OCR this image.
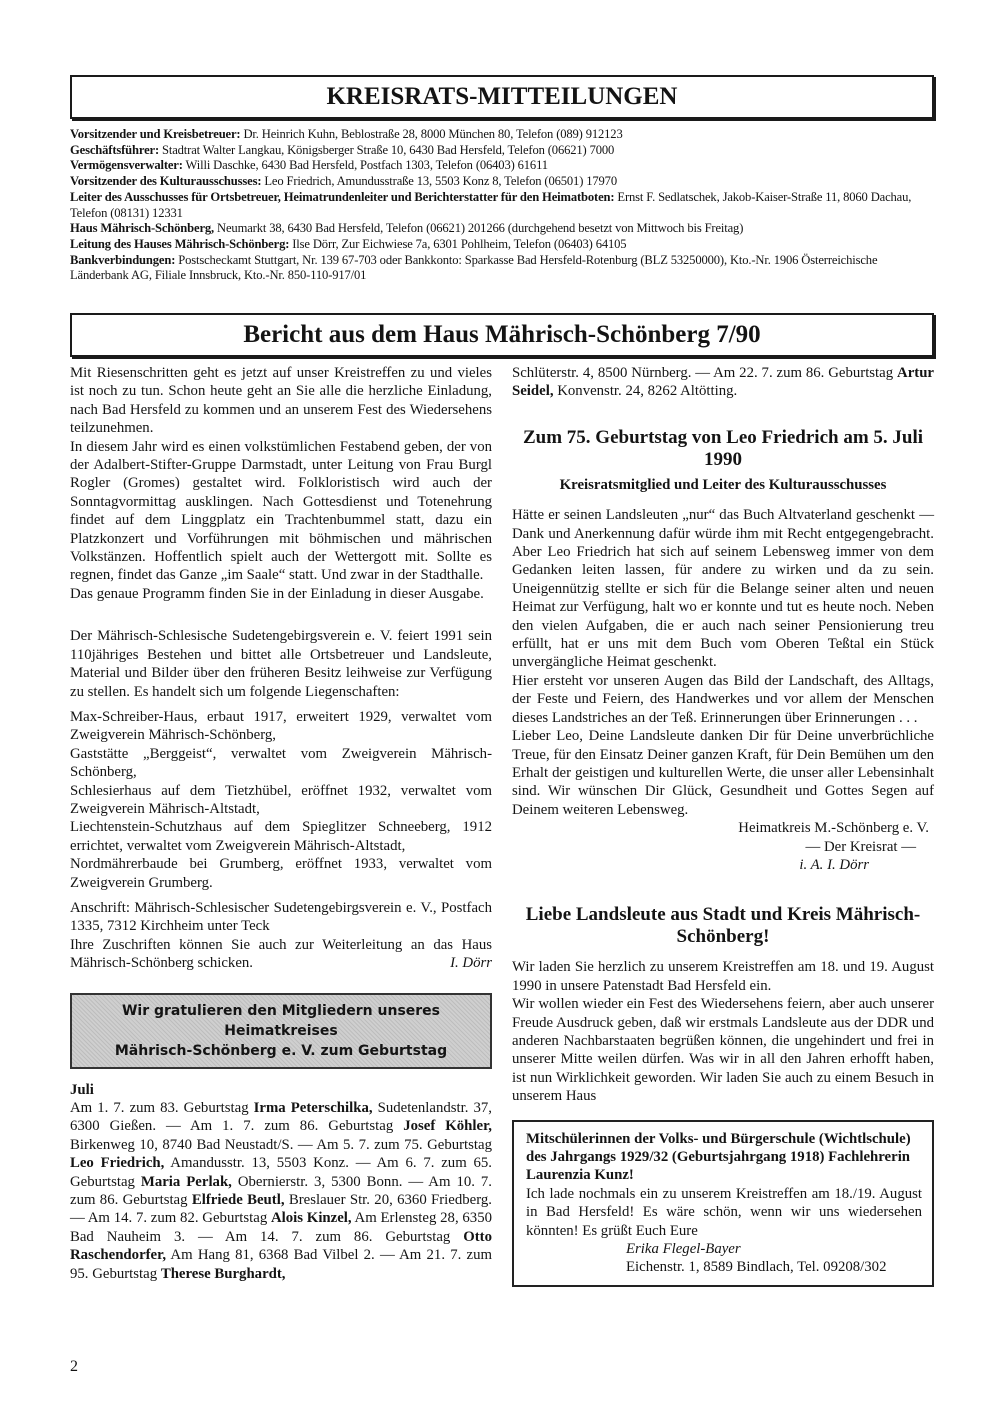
KREISRATS-MITTEILUNGEN
Vorsitzender und Kreisbetreuer: Dr. Heinrich Kuhn, Beblostraße 28, 8000 München 80, Telefon (089) 912123
Geschäftsführer: Stadtrat Walter Langkau, Königsberger Straße 10, 6430 Bad Hersfeld, Telefon (06621) 7000
Vermögensverwalter: Willi Daschke, 6430 Bad Hersfeld, Postfach 1303, Telefon (06403) 61611
Vorsitzender des Kulturausschusses: Leo Friedrich, Amundusstraße 13, 5503 Konz 8, Telefon (06501) 17970
Leiter des Ausschusses für Ortsbetreuer, Heimatrundenleiter und Berichterstatter für den Heimatboten: Ernst F. Sedlatschek, Jakob-Kaiser-Straße 11, 8060 Dachau, Telefon (08131) 12331
Haus Mährisch-Schönberg, Neumarkt 38, 6430 Bad Hersfeld, Telefon (06621) 201266 (durchgehend besetzt von Mittwoch bis Freitag)
Leitung des Hauses Mährisch-Schönberg: Ilse Dörr, Zur Eichwiese 7a, 6301 Pohlheim, Telefon (06403) 64105
Bankverbindungen: Postscheckamt Stuttgart, Nr. 139 67-703 oder Bankkonto: Sparkasse Bad Hersfeld-Rotenburg (BLZ 53250000), Kto.-Nr. 1906 Österreichische Länderbank AG, Filiale Innsbruck, Kto.-Nr. 850-110-917/01
Bericht aus dem Haus Mährisch-Schönberg 7/90

Mit Riesenschritten geht es jetzt auf unser Kreistreffen zu und vieles ist noch zu tun. Schon heute geht an Sie alle die herzliche Einladung, nach Bad Hersfeld zu kommen und an unserem Fest des Wiedersehens teilzunehmen.

In diesem Jahr wird es einen volkstümlichen Festabend geben, der von der Adalbert-Stifter-Gruppe Darmstadt, unter Leitung von Frau Burgl Rogler (Gromes) gestaltet wird. Folkloristisch wird auch der Sonntagvormittag ausklingen. Nach Gottesdienst und Totenehrung findet auf dem Linggplatz ein Trachtenbummel statt, dazu ein Platzkonzert und Vorführungen mit böhmischen und mährischen Volkstänzen. Hoffentlich spielt auch der Wettergott mit. Sollte es regnen, findet das Ganze „im Saale“ statt. Und zwar in der Stadthalle.

Das genaue Programm finden Sie in der Einladung in dieser Ausgabe.

Der Mährisch-Schlesische Sudetengebirgsverein e. V. feiert 1991 sein 110jähriges Bestehen und bittet alle Ortsbetreuer und Landsleute, Material und Bilder über den früheren Besitz leihweise zur Verfügung zu stellen. Es handelt sich um folgende Liegenschaften:

Max-Schreiber-Haus, erbaut 1917, erweitert 1929, verwaltet vom Zweigverein Mährisch-Schönberg,

Gaststätte „Berggeist“, verwaltet vom Zweigverein Mährisch-Schönberg,

Schlesierhaus auf dem Tietzhübel, eröffnet 1932, verwaltet vom Zweigverein Mährisch-Altstadt,

Liechtenstein-Schutzhaus auf dem Spieglitzer Schneeberg, 1912 errichtet, verwaltet vom Zweigverein Mährisch-Altstadt,

Nordmährerbaude bei Grumberg, eröffnet 1933, verwaltet vom Zweigverein Grumberg.

Anschrift: Mährisch-Schlesischer Sudetengebirgsverein e. V., Postfach 1335, 7312 Kirchheim unter Teck

Ihre Zuschriften können Sie auch zur Weiterleitung an das Haus Mährisch-Schönberg schicken.	I. Dörr

Wir gratulieren den Mitgliedern unseres Heimatkreises
Mährisch-Schönberg e. V. zum Geburtstag

Juli

Am 1. 7. zum 83. Geburtstag Irma Peterschilka, Sudetenlandstr. 37, 6300 Gießen. — Am 1. 7. zum 86. Geburtstag Josef Köhler, Birkenweg 10, 8740 Bad Neustadt/S. — Am 5. 7. zum 75. Geburtstag Leo Friedrich, Amandusstr. 13, 5503 Konz. — Am 6. 7. zum 65. Geburtstag Maria Perlak, Obernierstr. 3, 5300 Bonn. — Am 10. 7. zum 86. Geburtstag Elfriede Beutl, Breslauer Str. 20, 6360 Friedberg. — Am 14. 7. zum 82. Geburtstag Alois Kinzel, Am Erlensteg 28, 6350 Bad Nauheim 3. — Am 14. 7. zum 86. Geburtstag Otto Raschendorfer, Am Hang 81, 6368 Bad Vilbel 2. — Am 21. 7. zum 95. Geburtstag Therese Burghardt,

Schlüterstr. 4, 8500 Nürnberg. — Am 22. 7. zum 86. Geburtstag Artur Seidel, Konvenstr. 24, 8262 Altötting.

Zum 75. Geburtstag von Leo Friedrich am 5. Juli 1990
Kreisratsmitglied und Leiter des Kulturausschusses

Hätte er seinen Landsleuten „nur“ das Buch Altvaterland geschenkt — Dank und Anerkennung dafür würde ihm mit Recht entgegengebracht. Aber Leo Friedrich hat sich auf seinem Lebensweg immer von dem Gedanken leiten lassen, für andere zu wirken und da zu sein. Uneigennützig stellte er sich für die Belange seiner alten und neuen Heimat zur Verfügung, halt wo er konnte und tut es heute noch. Neben den vielen Aufgaben, die er auch nach seiner Pensionierung treu erfüllt, hat er uns mit dem Buch vom Oberen Teßtal ein Stück unvergängliche Heimat geschenkt.

Hier ersteht vor unseren Augen das Bild der Landschaft, des Alltags, der Feste und Feiern, des Handwerkes und vor allem der Menschen dieses Landstriches an der Teß. Erinnerungen über Erinnerungen . . .

Lieber Leo, Deine Landsleute danken Dir für Deine unverbrüchliche Treue, für den Einsatz Deiner ganzen Kraft, für Dein Bemühen um den Erhalt der geistigen und kulturellen Werte, die unser aller Lebensinhalt sind. Wir wünschen Dir Glück, Gesundheit und Gottes Segen auf Deinem weiteren Lebensweg.

Heimatkreis M.-Schönberg e. V.

— Der Kreisrat —

i. A. I. Dörr

Liebe Landsleute aus Stadt und Kreis Mährisch-Schönberg!

Wir laden Sie herzlich zu unserem Kreistreffen am 18. und 19. August 1990 in unsere Patenstadt Bad Hersfeld ein.

Wir wollen wieder ein Fest des Wiedersehens feiern, aber auch unserer Freude Ausdruck geben, daß wir erstmals Landsleute aus der DDR und anderen Nachbarstaaten begrüßen können, die ungehindert und frei in unserer Mitte weilen dürfen. Was wir in all den Jahren erhofft haben, ist nun Wirklichkeit geworden. Wir laden Sie auch zu einem Besuch in unserem Haus

Mitschülerinnen der Volks- und Bürgerschule (Wichtlschule) des Jahrgangs 1929/32 (Geburtsjahrgang 1918) Fachlehrerin Laurenzia Kunz!

Ich lade nochmals ein zu unserem Kreistreffen am 18./19. August in Bad Hersfeld! Es wäre schön, wenn wir uns wiedersehen könnten! Es grüßt Euch Eure

Erika Flegel-Bayer

Eichenstr. 1, 8589 Bindlach, Tel. 09208/302

2
